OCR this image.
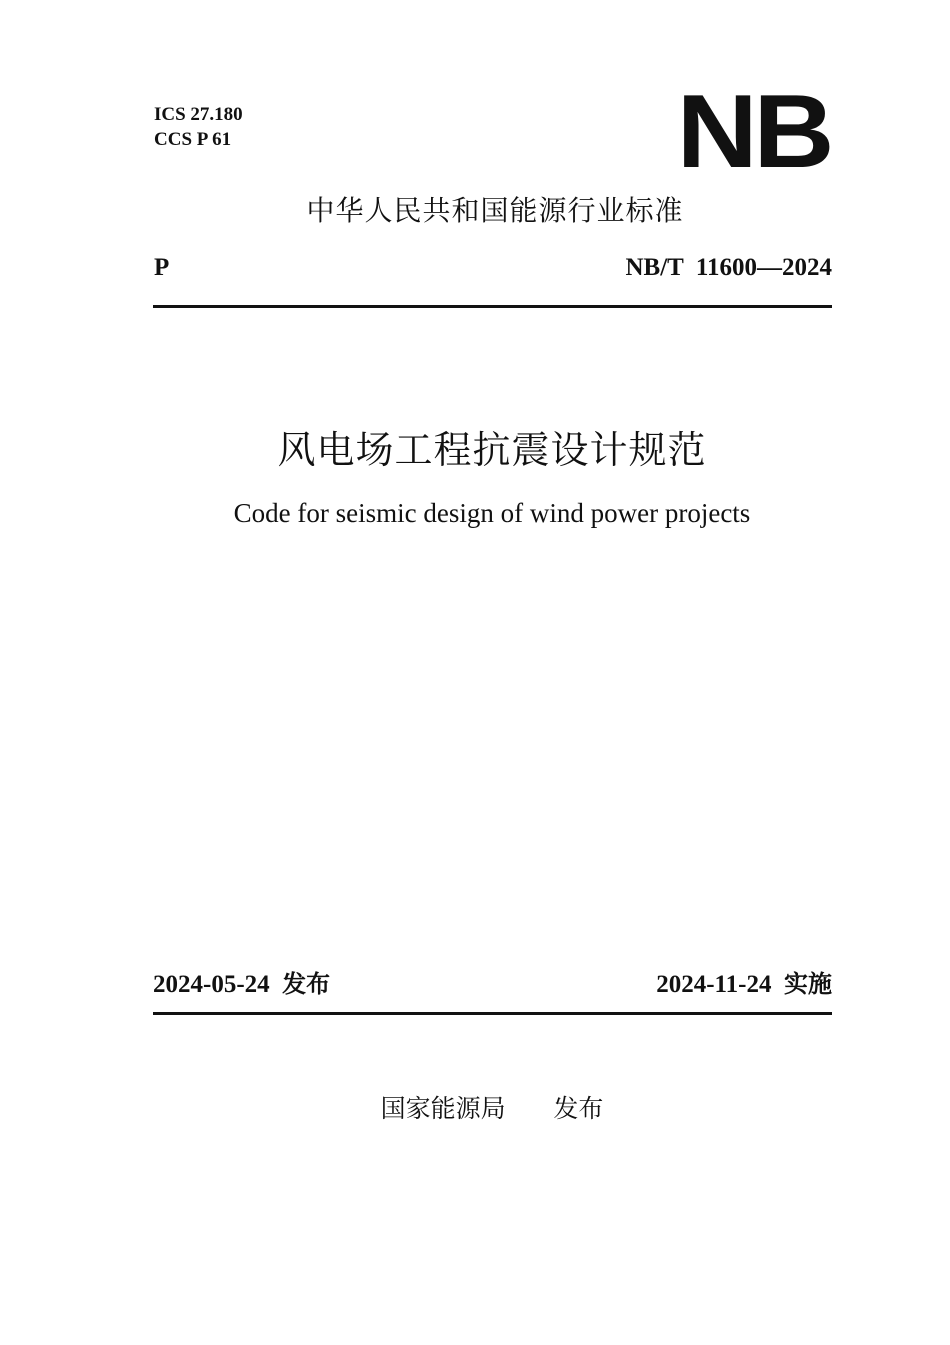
ICS 27.180
CCS P 61	NB
中华人民共和国能源行业标准
P	NB/T  11600—2024
风电场工程抗震设计规范
Code for seismic design of wind power projects
2024-05-24 发布	2024-11-24 实施
国家能源局 发布
